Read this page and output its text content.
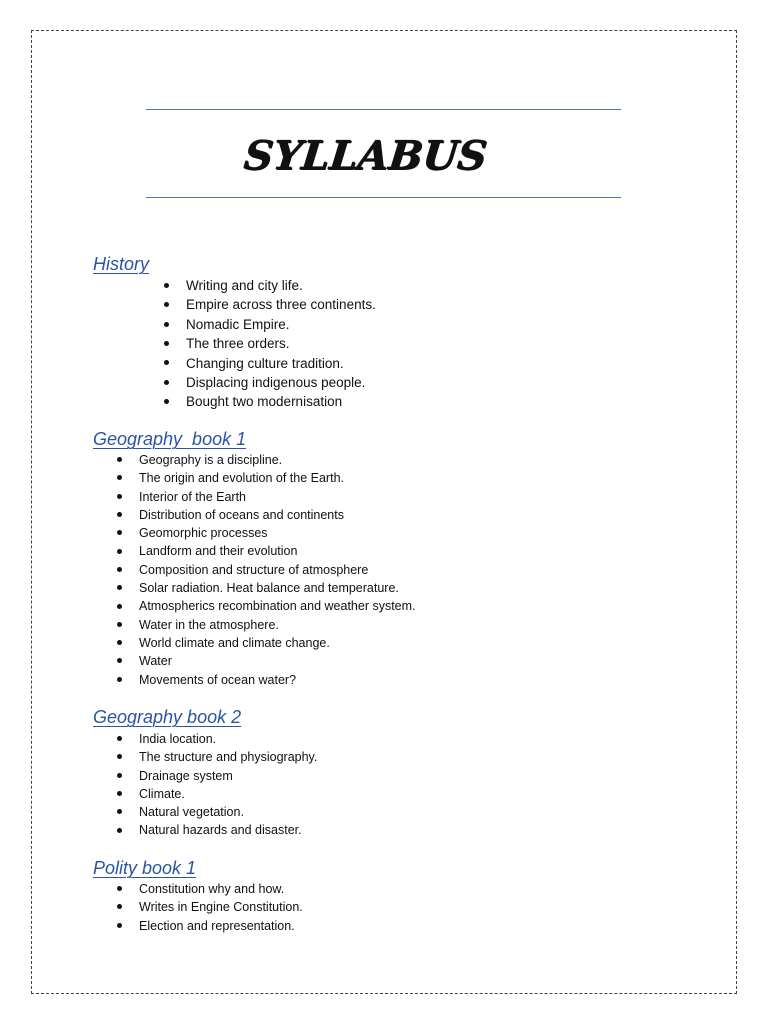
SYLLABUS
History
Writing and city life.
Empire across three continents.
Nomadic Empire.
The three orders.
Changing culture tradition.
Displacing indigenous people.
Bought two modernisation
Geography  book 1
Geography is a discipline.
The origin and evolution of the Earth.
Interior of the Earth
Distribution of oceans and continents
Geomorphic processes
Landform and their evolution
Composition and structure of atmosphere
Solar radiation. Heat balance and temperature.
Atmospherics recombination and weather system.
Water in the atmosphere.
World climate and climate change.
Water
Movements of ocean water?
Geography book 2
India location.
The structure and physiography.
Drainage system
Climate.
Natural vegetation.
Natural hazards and disaster.
Polity book 1
Constitution why and how.
Writes in Engine Constitution.
Election and representation.
